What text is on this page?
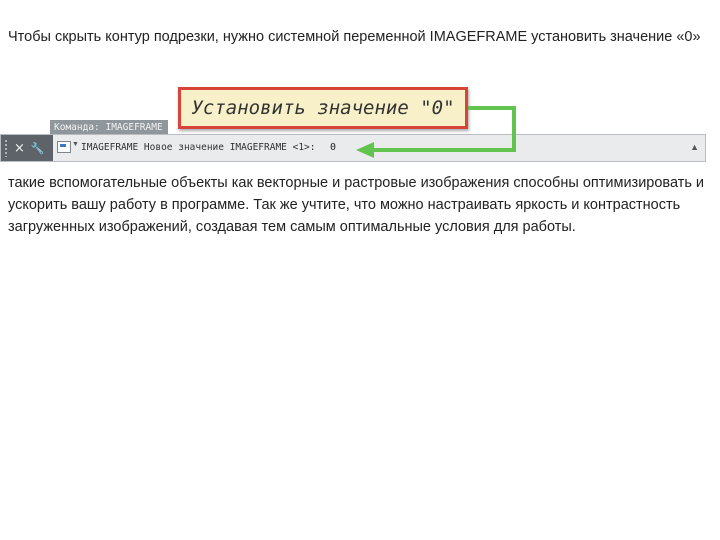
Чтобы скрыть контур подрезки, нужно системной переменной IMAGEFRAME установить значение «0»

Установить значение "0"
Команда: IMAGEFRAME
× 🔧	▼ IMAGEFRAME Новое значение IMAGEFRAME <1>: 0	▲

такие вспомогательные объекты как векторные и растровые изображения способны оптимизировать и ускорить вашу работу в программе. Так же учтите, что можно настраивать яркость и контрастность загруженных изображений, создавая тем самым оптимальные условия для работы.
